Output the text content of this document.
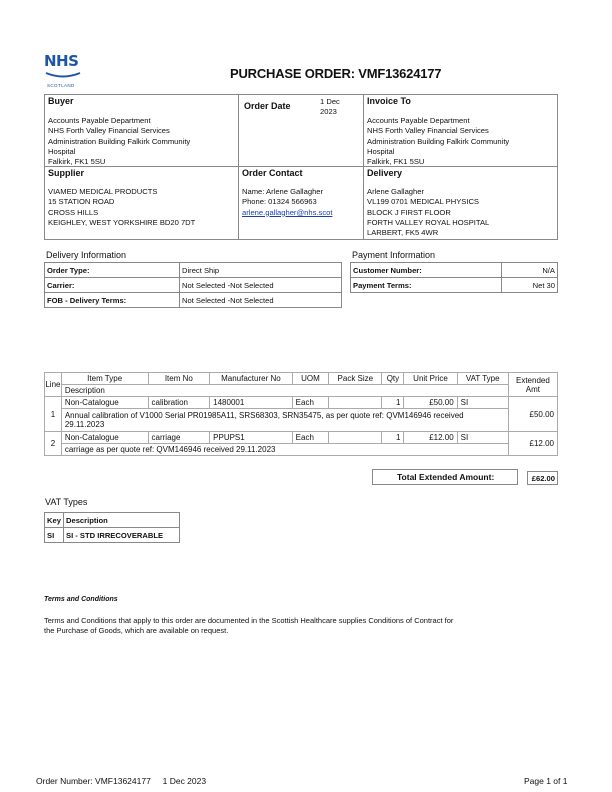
NHS
SCOTLAND
PURCHASE ORDER: VMF13624177
Buyer
Accounts Payable Department
NHS Forth Valley Financial Services
Administration Building Falkirk Community
Hospital
Falkirk, FK1 5SU
Order Date	1 Dec
2023
Invoice To
Accounts Payable Department
NHS Forth Valley Financial Services
Administration Building Falkirk Community
Hospital
Falkirk, FK1 5SU
Supplier
VIAMED MEDICAL PRODUCTS
15 STATION ROAD
CROSS HILLS
KEIGHLEY, WEST YORKSHIRE BD20 7DT
Order Contact
Name: Arlene Gallagher
Phone: 01324 566963
arlene.gallagher@nhs.scot
Delivery
Arlene Gallagher
VL199 0701 MEDICAL PHYSICS
BLOCK J FIRST FLOOR
FORTH VALLEY ROYAL HOSPITAL
LARBERT, FK5 4WR
Delivery Information
Order Type:	Direct Ship
Carrier:	Not Selected -Not Selected
FOB - Delivery Terms:	Not Selected -Not Selected
Payment Information
Customer Number:	N/A
Payment Terms:	Net 30
Line	Item Type	Item No	Manufacturer No	UOM	Pack Size	Qty	Unit Price	VAT Type	Extended Amt
	Description								
1	Non-Catalogue	calibration	1480001	Each		1	£50.00	SI	£50.00
	Annual calibration of V1000 Serial PR01985A11, SRS68303, SRN35475, as per quote ref: QVM146946 received 29.11.2023								
2	Non-Catalogue	carriage	PPUPS1	Each		1	£12.00	SI	£12.00
	carriage as per quote ref: QVM146946 received 29.11.2023								
Total Extended Amount:	£62.00
VAT Types
Key	Description
SI	SI - STD IRRECOVERABLE
Terms and Conditions
Terms and Conditions that apply to this order are documented in the Scottish Healthcare supplies Conditions of Contract for
the Purchase of Goods, which are available on request.
Order Number: VMF13624177     1 Dec 2023	Page 1 of 1
